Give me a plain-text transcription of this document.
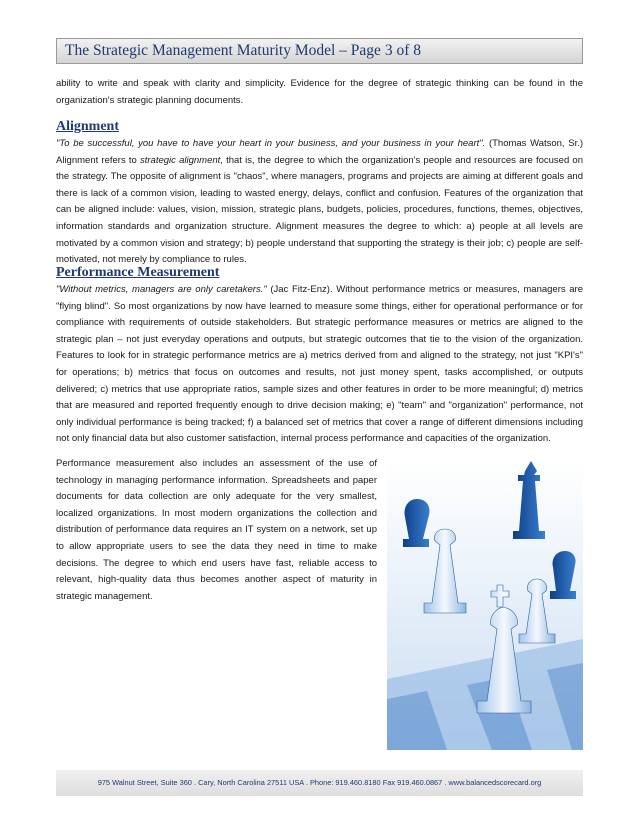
The Strategic Management Maturity Model – Page 3 of 8

ability to write and speak with clarity and simplicity. Evidence for the degree of strategic thinking can be found in the organization's strategic planning documents.

Alignment

"To be successful, you have to have your heart in your business, and your business in your heart". (Thomas Watson, Sr.) Alignment refers to strategic alignment, that is, the degree to which the organization's people and resources are focused on the strategy. The opposite of alignment is "chaos", where managers, programs and projects are aiming at different goals and there is lack of a common vision, leading to wasted energy, delays, conflict and confusion. Features of the organization that can be aligned include: values, vision, mission, strategic plans, budgets, policies, procedures, functions, themes, objectives, information standards and organization structure. Alignment measures the degree to which: a) people at all levels are motivated by a common vision and strategy; b) people understand that supporting the strategy is their job; c) people are self-motivated, not merely by compliance to rules.

Performance Measurement

"Without metrics, managers are only caretakers." (Jac Fitz-Enz). Without performance metrics or measures, managers are "flying blind". So most organizations by now have learned to measure some things, either for operational performance or for compliance with requirements of outside stakeholders. But strategic performance measures or metrics are aligned to the strategic plan – not just everyday operations and outputs, but strategic outcomes that tie to the vision of the organization. Features to look for in strategic performance metrics are a) metrics derived from and aligned to the strategy, not just "KPI's" for operations; b) metrics that focus on outcomes and results, not just money spent, tasks accomplished, or outputs delivered; c) metrics that use appropriate ratios, sample sizes and other features in order to be more meaningful; d) metrics that are measured and reported frequently enough to drive decision making; e) "team" and "organization" performance, not only individual performance is being tracked; f) a balanced set of metrics that cover a range of different dimensions including not only financial data but also customer satisfaction, internal process performance and capacities of the organization.

Performance measurement also includes an assessment of the use of technology in managing performance information. Spreadsheets and paper documents for data collection are only adequate for the very smallest, localized organizations. In most modern organizations the collection and distribution of performance data requires an IT system on a network, set up to allow appropriate users to see the data they need in time to make decisions. The degree to which end users have fast, reliable access to relevant, high-quality data thus becomes another aspect of maturity in strategic management.

975 Walnut Street, Suite 360 . Cary, North Carolina 27511 USA . Phone: 919.460.8180 Fax 919.460.0867 . www.balancedscorecard.org
